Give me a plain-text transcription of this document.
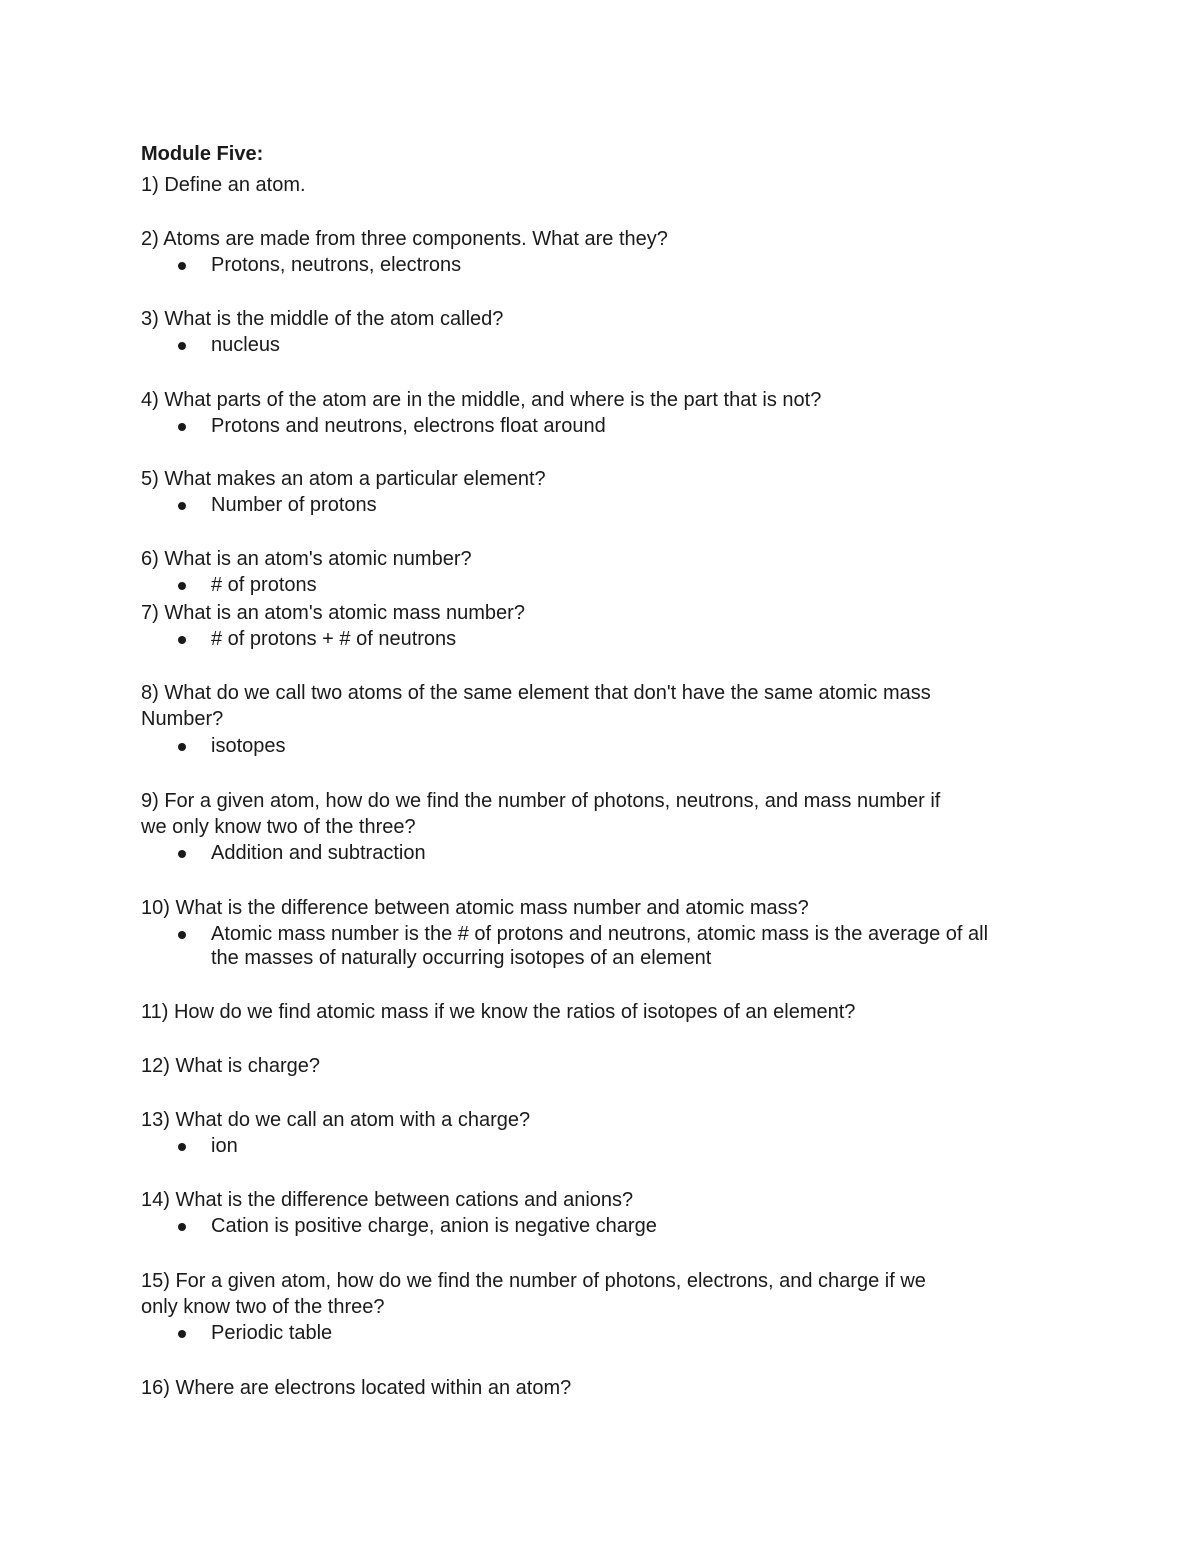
Module Five:
1) Define an atom.
2) Atoms are made from three components. What are they?
Protons, neutrons, electrons
3) What is the middle of the atom called?
nucleus
4) What parts of the atom are in the middle, and where is the part that is not?
Protons and neutrons, electrons float around
5) What makes an atom a particular element?
Number of protons
6) What is an atom's atomic number?
# of protons
7) What is an atom's atomic mass number?
# of protons + # of neutrons
8) What do we call two atoms of the same element that don't have the same atomic mass
Number?
isotopes
9) For a given atom, how do we find the number of photons, neutrons, and mass number if
we only know two of the three?
Addition and subtraction
10) What is the difference between atomic mass number and atomic mass?
Atomic mass number is the # of protons and neutrons, atomic mass is the average of all
the masses of naturally occurring isotopes of an element
11) How do we find atomic mass if we know the ratios of isotopes of an element?
12) What is charge?
13) What do we call an atom with a charge?
ion
14) What is the difference between cations and anions?
Cation is positive charge, anion is negative charge
15) For a given atom, how do we find the number of photons, electrons, and charge if we
only know two of the three?
Periodic table
16) Where are electrons located within an atom?
